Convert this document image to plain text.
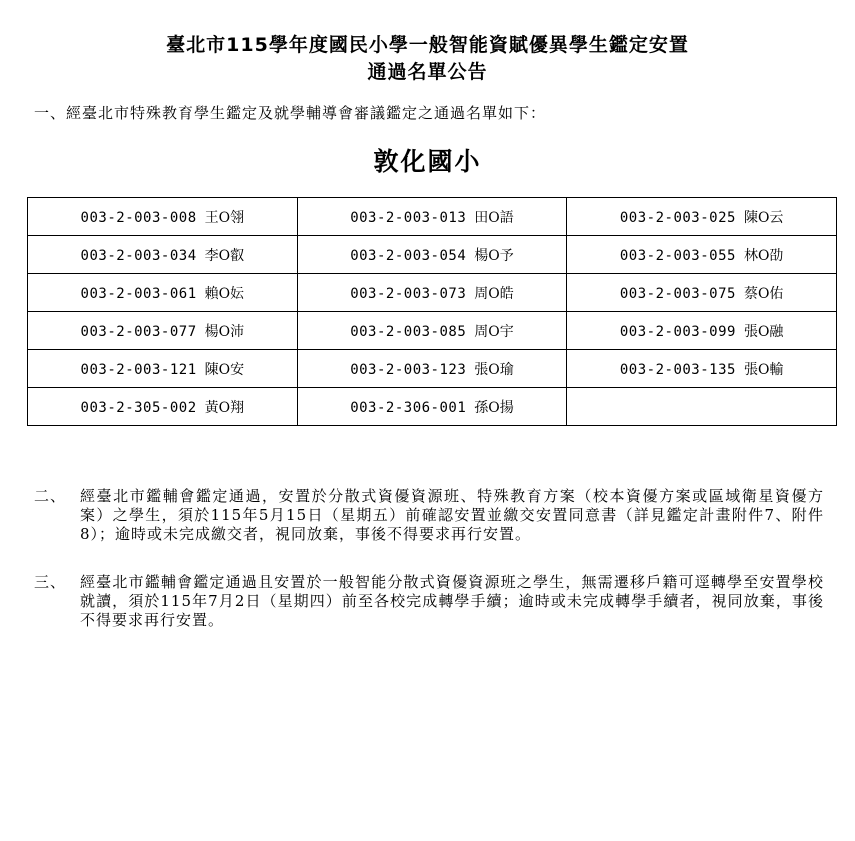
臺北市115學年度國民小學一般智能資賦優異學生鑑定安置
通過名單公告
一、經臺北市特殊教育學生鑑定及就學輔導會審議鑑定之通過名單如下：
敦化國小
003-2-003-008 王O翎	003-2-003-013 田O語	003-2-003-025 陳O云
003-2-003-034 李O叡	003-2-003-054 楊O予	003-2-003-055 林O劭
003-2-003-061 賴O妘	003-2-003-073 周O皓	003-2-003-075 蔡O佑
003-2-003-077 楊O沛	003-2-003-085 周O宇	003-2-003-099 張O融
003-2-003-121 陳O安	003-2-003-123 張O瑜	003-2-003-135 張O輸
003-2-305-002 黃O翔	003-2-306-001 孫O揚	
二、 經臺北市鑑輔會鑑定通過，安置於分散式資優資源班、特殊教育方案（校本資優方案或區域衛星資優方案）之學生，須於115年5月15日（星期五）前確認安置並繳交安置同意書（詳見鑑定計畫附件7、附件8）；逾時或未完成繳交者，視同放棄，事後不得要求再行安置。
三、 經臺北市鑑輔會鑑定通過且安置於一般智能分散式資優資源班之學生，無需遷移戶籍可逕轉學至安置學校就讀，須於115年7月2日（星期四）前至各校完成轉學手續；逾時或未完成轉學手續者，視同放棄，事後不得要求再行安置。
